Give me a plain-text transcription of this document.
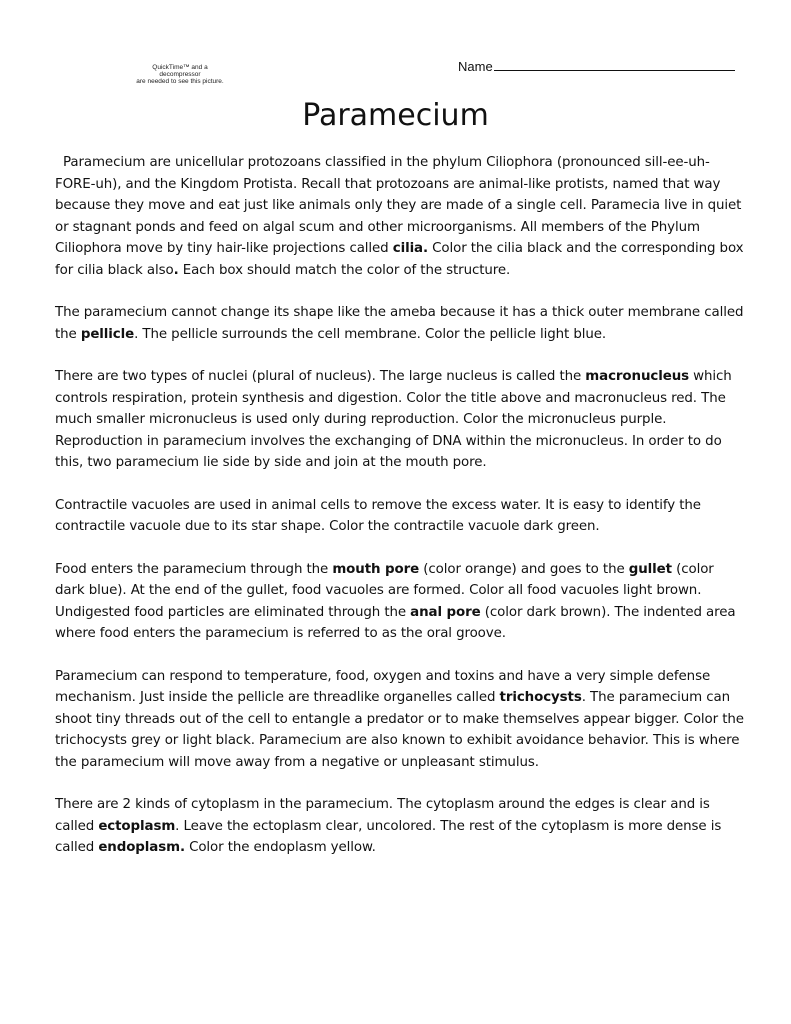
QuickTime™ and a
decompressor
are needed to see this picture.
Name
Paramecium

Paramecium are unicellular protozoans classified in the phylum Ciliophora (pronounced sill-ee-uh-FORE-uh), and the Kingdom Protista. Recall that protozoans are animal-like protists, named that way because they move and eat just like animals only they are made of a single cell. Paramecia live in quiet or stagnant ponds and feed on algal scum and other microorganisms. All members of the Phylum Ciliophora move by tiny hair-like projections called cilia. Color the cilia black and the corresponding box for cilia black also. Each box should match the color of the structure.

The paramecium cannot change its shape like the ameba because it has a thick outer membrane called the pellicle. The pellicle surrounds the cell membrane. Color the pellicle light blue.

There are two types of nuclei (plural of nucleus). The large nucleus is called the macronucleus which controls respiration, protein synthesis and digestion. Color the title above and macronucleus red. The much smaller micronucleus is used only during reproduction. Color the micronucleus purple. Reproduction in paramecium involves the exchanging of DNA within the micronucleus. In order to do this, two paramecium lie side by side and join at the mouth pore.

Contractile vacuoles are used in animal cells to remove the excess water. It is easy to identify the contractile vacuole due to its star shape. Color the contractile vacuole dark green.

Food enters the paramecium through the mouth pore (color orange) and goes to the gullet (color dark blue). At the end of the gullet, food vacuoles are formed. Color all food vacuoles light brown. Undigested food particles are eliminated through the anal pore (color dark brown). The indented area where food enters the paramecium is referred to as the oral groove.

Paramecium can respond to temperature, food, oxygen and toxins and have a very simple defense mechanism. Just inside the pellicle are threadlike organelles called trichocysts. The paramecium can shoot tiny threads out of the cell to entangle a predator or to make themselves appear bigger. Color the trichocysts grey or light black. Paramecium are also known to exhibit avoidance behavior. This is where the paramecium will move away from a negative or unpleasant stimulus.

There are 2 kinds of cytoplasm in the paramecium. The cytoplasm around the edges is clear and is called ectoplasm. Leave the ectoplasm clear, uncolored. The rest of the cytoplasm is more dense is called endoplasm. Color the endoplasm yellow.
